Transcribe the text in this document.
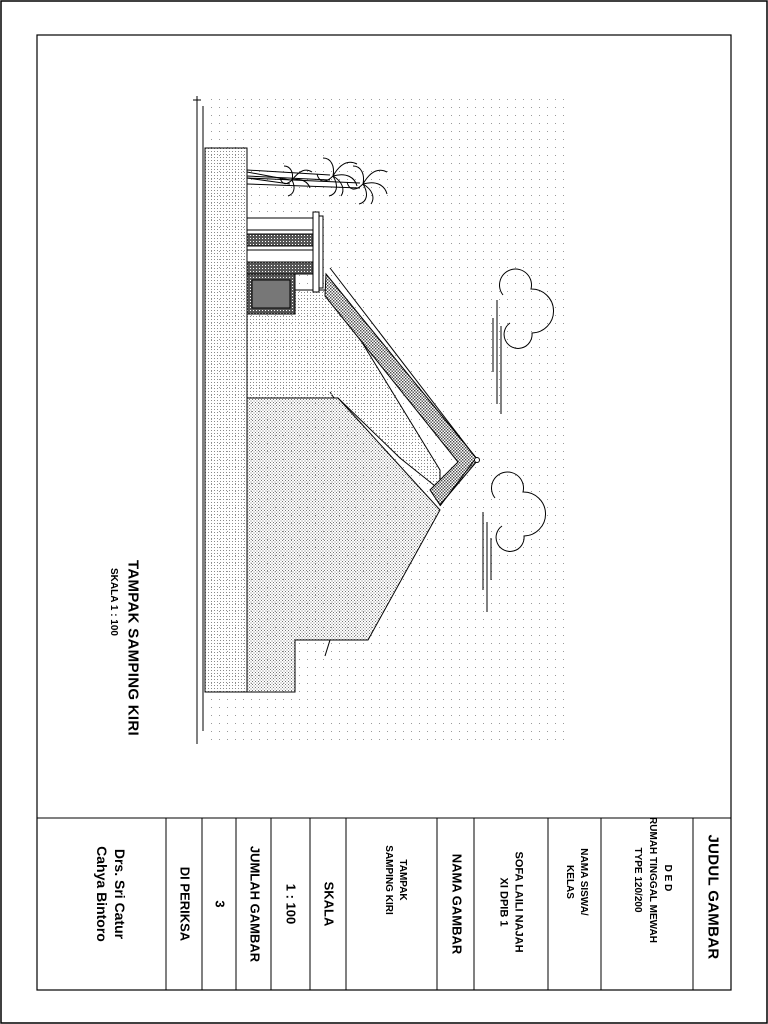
TAMPAK SAMPING KIRI
SKALA 1 : 100
JUDUL GAMBAR
D E D
RUMAH TINGGAL MEWAH
TYPE 120/200
NAMA SISWA/
KELAS
SOFA LAILI NAJAH
XI DPIB 1
NAMA GAMBAR
TAMPAK
SAMPING KIRI
SKALA
1 : 100
JUMLAH GAMBAR
3
DI PERIKSA
Drs. Sri Catur
Cahya Bintoro
